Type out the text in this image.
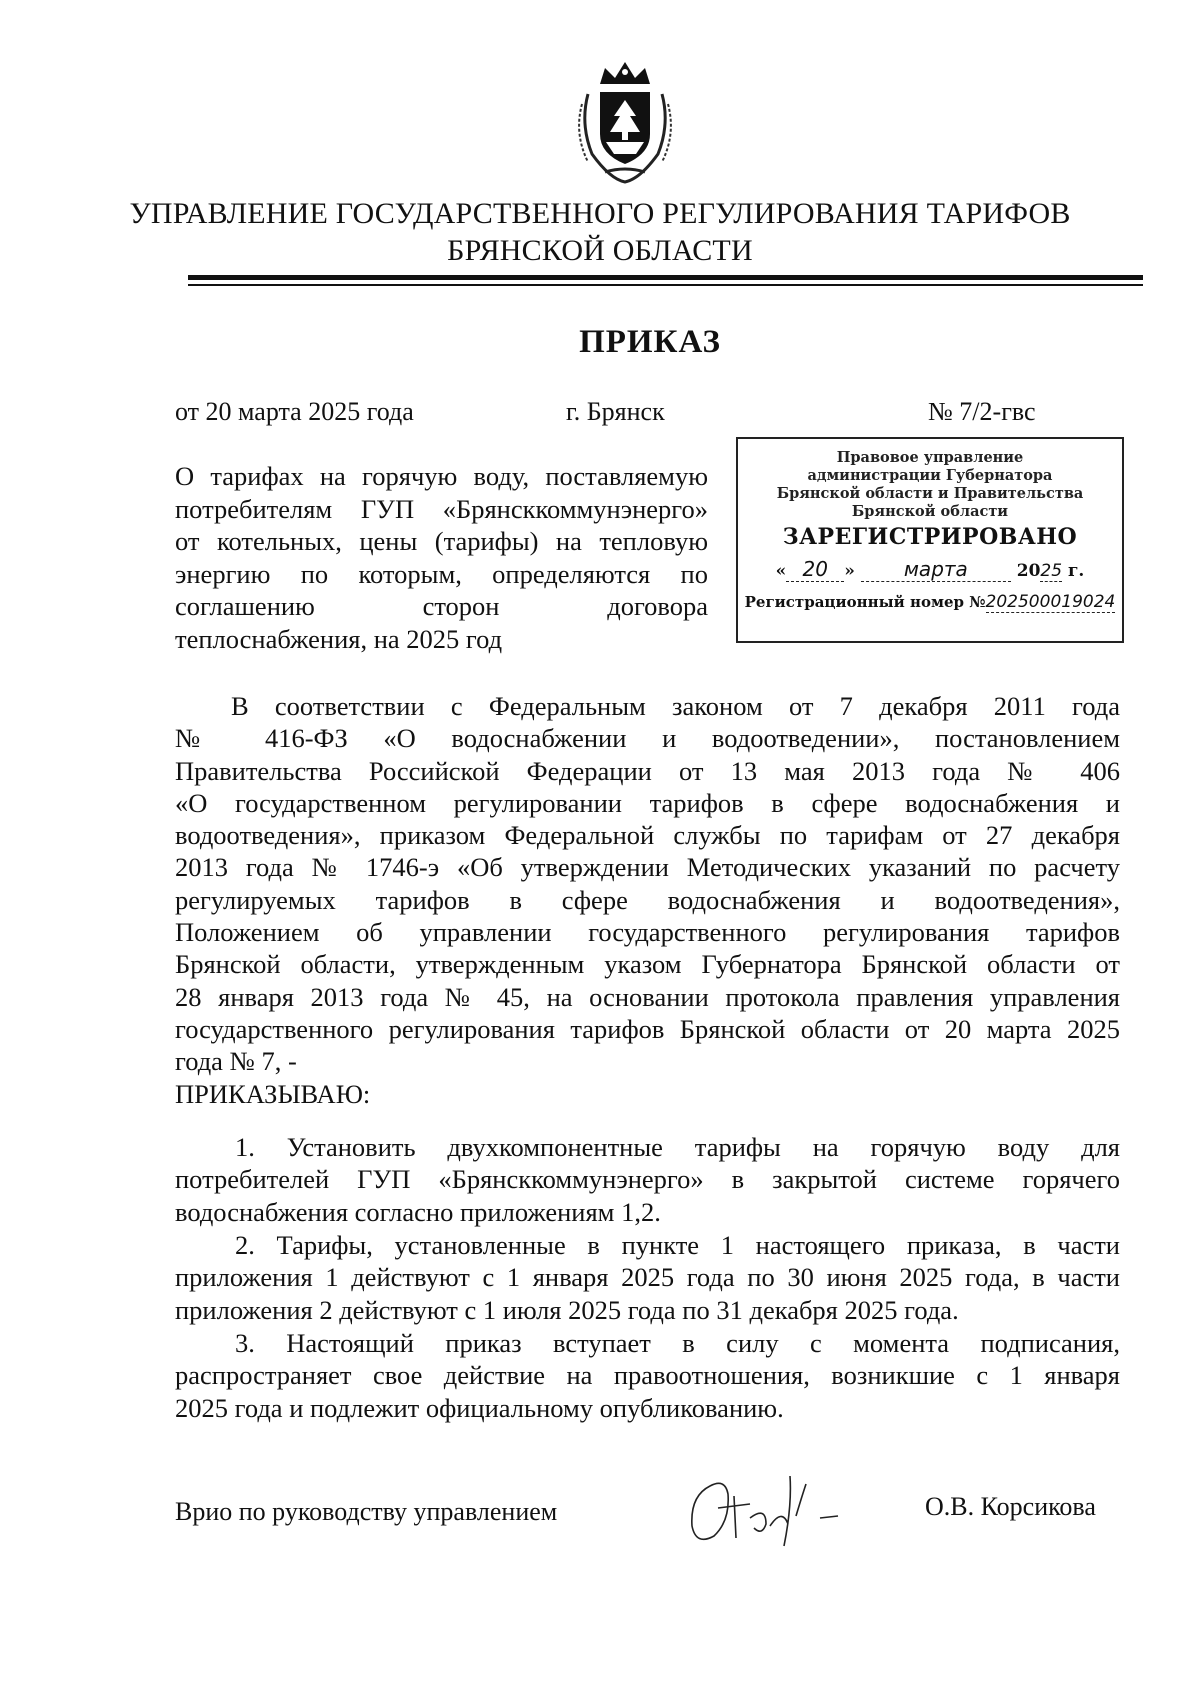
УПРАВЛЕНИЕ ГОСУДАРСТВЕННОГО РЕГУЛИРОВАНИЯ ТАРИФОВ
БРЯНСКОЙ ОБЛАСТИ
ПРИКАЗ
от 20 марта 2025 года	г. Брянск	№ 7/2-гвс
О тарифах на горячую воду, поставляемую
потребителям ГУП «Брянсккоммунэнерго»
от котельных, цены (тарифы) на тепловую
энергию по которым, определяются по
соглашению сторон договора
теплоснабжения, на 2025 год
Правовое управление
администрации Губернатора
Брянской области и Правительства
Брянской области
ЗАРЕГИСТРИРОВАНО
« 20 » марта	2025 г.
Регистрационный номер №202500019024
В соответствии с Федеральным законом от 7 декабря 2011 года
№ 416-ФЗ «О водоснабжении и водоотведении», постановлением
Правительства Российской Федерации от 13 мая 2013 года № 406
«О государственном регулировании тарифов в сфере водоснабжения и
водоотведения», приказом Федеральной службы по тарифам от 27 декабря
2013 года № 1746-э «Об утверждении Методических указаний по расчету
регулируемых тарифов в сфере водоснабжения и водоотведения»,
Положением об управлении государственного регулирования тарифов
Брянской области, утвержденным указом Губернатора Брянской области от
28 января 2013 года № 45, на основании протокола правления управления
государственного регулирования тарифов Брянской области от 20 марта 2025
года № 7, -
ПРИКАЗЫВАЮ:
1. Установить двухкомпонентные тарифы на горячую воду для
потребителей ГУП «Брянсккоммунэнерго» в закрытой системе горячего
водоснабжения согласно приложениям 1,2.
2. Тарифы, установленные в пункте 1 настоящего приказа, в части
приложения 1 действуют с 1 января 2025 года по 30 июня 2025 года, в части
приложения 2 действуют с 1 июля 2025 года по 31 декабря 2025 года.
3. Настоящий приказ вступает в силу с момента подписания,
распространяет свое действие на правоотношения, возникшие с 1 января
2025 года и подлежит официальному опубликованию.
Врио по руководству управлением	О.В. Корсикова
